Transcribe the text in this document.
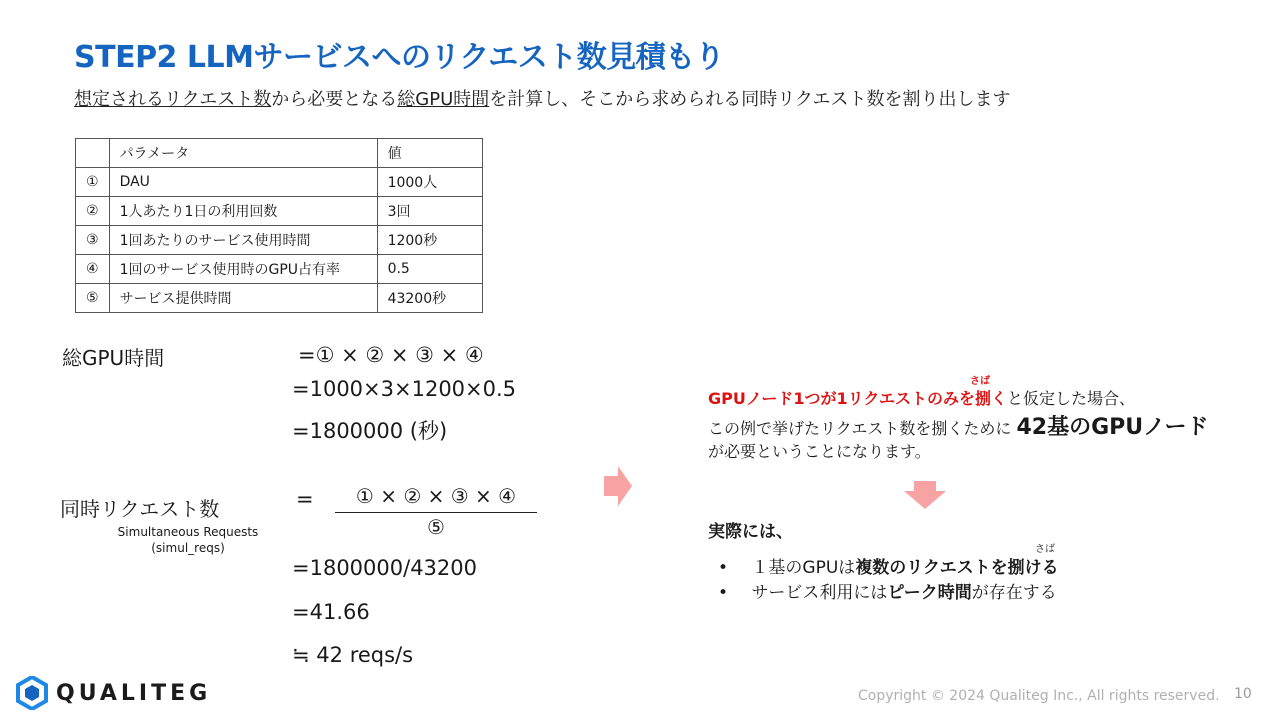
STEP2 LLMサービスへのリクエスト数見積もり
想定されるリクエスト数から必要となる総GPU時間を計算し、そこから求められる同時リクエスト数を割り出します
	パラメータ	値
①	DAU	1000人
②	1人あたり1日の利用回数	3回
③	1回あたりのサービス使用時間	1200秒
④	1回のサービス使用時のGPU占有率	0.5
⑤	サービス提供時間	43200秒
総GPU時間	=① × ② × ③ × ④
=1000×3×1200×0.5
=1800000 (秒)
同時リクエスト数
Simultaneous Requests
(simul_reqs)
=	① × ② × ③ × ④
⑤
=1800000/43200
=41.66
≒ 42 reqs/s
さば
GPUノード1つが1リクエストのみを捌くと仮定した場合、
この例で挙げたリクエスト数を捌くために 42基のGPUノード
が必要ということになります。
実際には、
さば
• １基のGPUは複数のリクエストを捌ける
• サービス利用にはピーク時間が存在する
QUALITEG	Copyright © 2024 Qualiteg Inc., All rights reserved. 10
